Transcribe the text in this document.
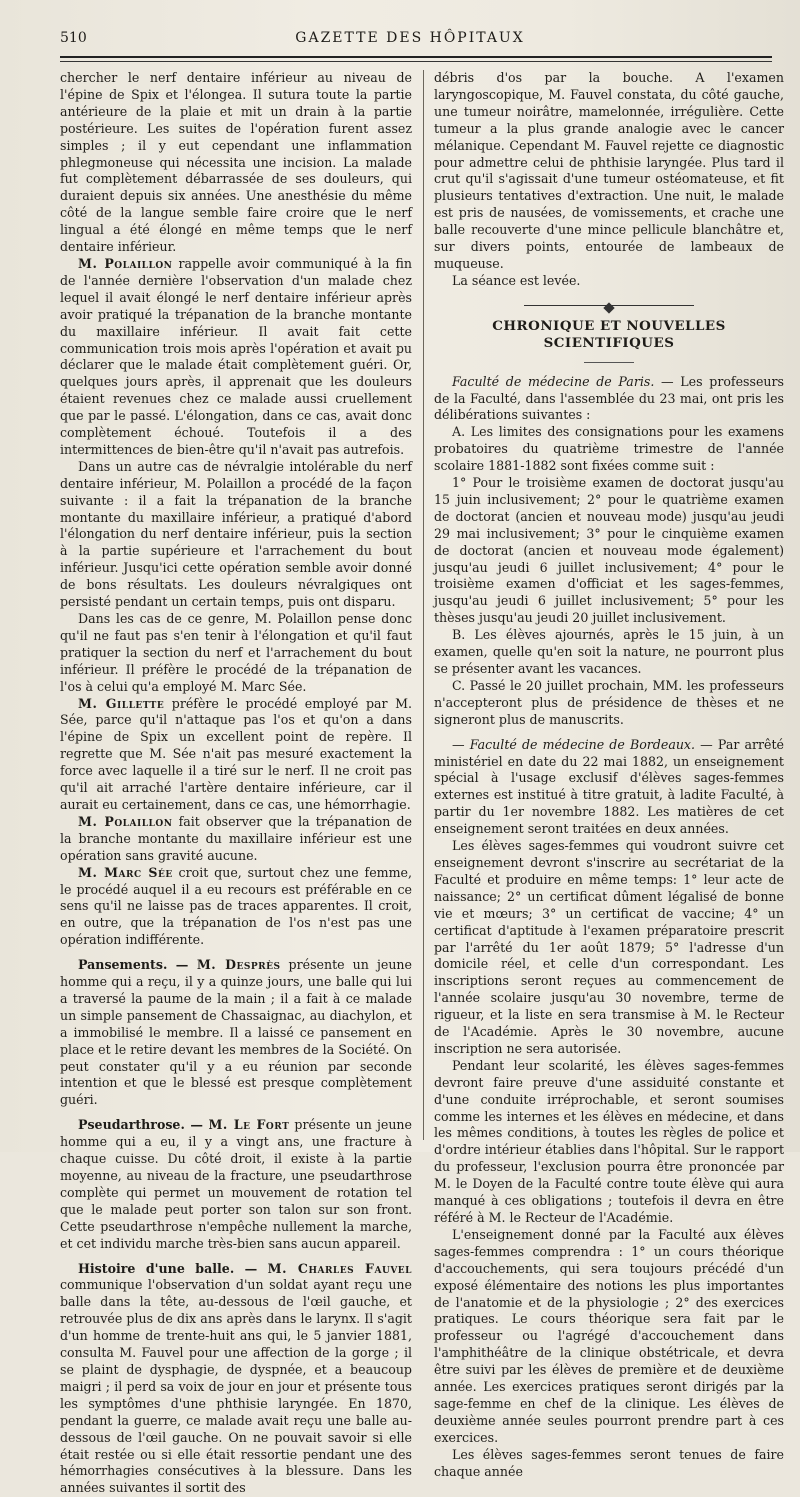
510	GAZETTE DES HÔPITAUX

chercher le nerf dentaire inférieur au niveau de l'épine de Spix et l'élongea. Il sutura toute la partie antérieure de la plaie et mit un drain à la partie postérieure. Les suites de l'opération furent assez simples ; il y eut cependant une inflammation phlegmoneuse qui nécessita une incision. La malade fut complètement débarrassée de ses douleurs, qui duraient depuis six années. Une anesthésie du même côté de la langue semble faire croire que le nerf lingual a été élongé en même temps que le nerf dentaire inférieur.

M. Polaillon rappelle avoir communiqué à la fin de l'année dernière l'observation d'un malade chez lequel il avait élongé le nerf dentaire inférieur après avoir pratiqué la trépanation de la branche montante du maxillaire inférieur. Il avait fait cette communication trois mois après l'opération et avait pu déclarer que le malade était complètement guéri. Or, quelques jours après, il apprenait que les douleurs étaient revenues chez ce malade aussi cruellement que par le passé. L'élongation, dans ce cas, avait donc complètement échoué. Toutefois il a des intermittences de bien-être qu'il n'avait pas autrefois.

Dans un autre cas de névralgie intolérable du nerf dentaire inférieur, M. Polaillon a procédé de la façon suivante : il a fait la trépanation de la branche montante du maxillaire inférieur, a pratiqué d'abord l'élongation du nerf dentaire inférieur, puis la section à la partie supérieure et l'arrachement du bout inférieur. Jusqu'ici cette opération semble avoir donné de bons résultats. Les douleurs névralgiques ont persisté pendant un certain temps, puis ont disparu.

Dans les cas de ce genre, M. Polaillon pense donc qu'il ne faut pas s'en tenir à l'élongation et qu'il faut pratiquer la section du nerf et l'arrachement du bout inférieur. Il préfère le procédé de la trépanation de l'os à celui qu'a employé M. Marc Sée.

M. Gillette préfère le procédé employé par M. Sée, parce qu'il n'attaque pas l'os et qu'on a dans l'épine de Spix un excellent point de repère. Il regrette que M. Sée n'ait pas mesuré exactement la force avec laquelle il a tiré sur le nerf. Il ne croit pas qu'il ait arraché l'artère dentaire inférieure, car il aurait eu certainement, dans ce cas, une hémorrhagie.

M. Polaillon fait observer que la trépanation de la branche montante du maxillaire inférieur est une opération sans gravité aucune.

M. Marc Sée croit que, surtout chez une femme, le procédé auquel il a eu recours est préférable en ce sens qu'il ne laisse pas de traces apparentes. Il croit, en outre, que la trépanation de l'os n'est pas une opération indifférente.

Pansements. — M. Desprès présente un jeune homme qui a reçu, il y a quinze jours, une balle qui lui a traversé la paume de la main ; il a fait à ce malade un simple pansement de Chassaignac, au diachylon, et a immobilisé le membre. Il a laissé ce pansement en place et le retire devant les membres de la Société. On peut constater qu'il y a eu réunion par seconde intention et que le blessé est presque complètement guéri.

Pseudarthrose. — M. Le Fort présente un jeune homme qui a eu, il y a vingt ans, une fracture à chaque cuisse. Du côté droit, il existe à la partie moyenne, au niveau de la fracture, une pseudarthrose complète qui permet un mouvement de rotation tel que le malade peut porter son talon sur son front. Cette pseudarthrose n'empêche nullement la marche, et cet individu marche très-bien sans aucun appareil.

Histoire d'une balle. — M. Charles Fauvel communique l'observation d'un soldat ayant reçu une balle dans la tête, au-dessous de l'œil gauche, et retrouvée plus de dix ans après dans le larynx. Il s'agit d'un homme de trente-huit ans qui, le 5 janvier 1881, consulta M. Fauvel pour une affection de la gorge ; il se plaint de dysphagie, de dyspnée, et a beaucoup maigri ; il perd sa voix de jour en jour et présente tous les symptômes d'une phthisie laryngée. En 1870, pendant la guerre, ce malade avait reçu une balle au-dessous de l'œil gauche. On ne pouvait savoir si elle était restée ou si elle était ressortie pendant une des hémorrhagies consécutives à la blessure. Dans les années suivantes il sortit des

débris d'os par la bouche. A l'examen laryngoscopique, M. Fauvel constata, du côté gauche, une tumeur noirâtre, mamelonnée, irrégulière. Cette tumeur a la plus grande analogie avec le cancer mélanique. Cependant M. Fauvel rejette ce diagnostic pour admettre celui de phthisie laryngée. Plus tard il crut qu'il s'agissait d'une tumeur ostéomateuse, et fit plusieurs tentatives d'extraction. Une nuit, le malade est pris de nausées, de vomissements, et crache une balle recouverte d'une mince pellicule blanchâtre et, sur divers points, entourée de lambeaux de muqueuse.

La séance est levée.

CHRONIQUE ET NOUVELLES SCIENTIFIQUES

Faculté de médecine de Paris. — Les professeurs de la Faculté, dans l'assemblée du 23 mai, ont pris les délibérations suivantes :

A. Les limites des consignations pour les examens probatoires du quatrième trimestre de l'année scolaire 1881-1882 sont fixées comme suit :

1° Pour le troisième examen de doctorat jusqu'au 15 juin inclusivement; 2° pour le quatrième examen de doctorat (ancien et nouveau mode) jusqu'au jeudi 29 mai inclusivement; 3° pour le cinquième examen de doctorat (ancien et nouveau mode également) jusqu'au jeudi 6 juillet inclusivement; 4° pour le troisième examen d'officiat et les sages-femmes, jusqu'au jeudi 6 juillet inclusivement; 5° pour les thèses jusqu'au jeudi 20 juillet inclusivement.

B. Les élèves ajournés, après le 15 juin, à un examen, quelle qu'en soit la nature, ne pourront plus se présenter avant les vacances.

C. Passé le 20 juillet prochain, MM. les professeurs n'accepteront plus de présidence de thèses et ne signeront plus de manuscrits.

— Faculté de médecine de Bordeaux. — Par arrêté ministériel en date du 22 mai 1882, un enseignement spécial à l'usage exclusif d'élèves sages-femmes externes est institué à titre gratuit, à ladite Faculté, à partir du 1er novembre 1882. Les matières de cet enseignement seront traitées en deux années.

Les élèves sages-femmes qui voudront suivre cet enseignement devront s'inscrire au secrétariat de la Faculté et produire en même temps: 1° leur acte de naissance; 2° un certificat dûment légalisé de bonne vie et mœurs; 3° un certificat de vaccine; 4° un certificat d'aptitude à l'examen préparatoire prescrit par l'arrêté du 1er août 1879; 5° l'adresse d'un domicile réel, et celle d'un correspondant. Les inscriptions seront reçues au commencement de l'année scolaire jusqu'au 30 novembre, terme de rigueur, et la liste en sera transmise à M. le Recteur de l'Académie. Après le 30 novembre, aucune inscription ne sera autorisée.

Pendant leur scolarité, les élèves sages-femmes devront faire preuve d'une assiduité constante et d'une conduite irréprochable, et seront soumises comme les internes et les élèves en médecine, et dans les mêmes conditions, à toutes les règles de police et d'ordre intérieur établies dans l'hôpital. Sur le rapport du professeur, l'exclusion pourra être prononcée par M. le Doyen de la Faculté contre toute élève qui aura manqué à ces obligations ; toutefois il devra en être référé à M. le Recteur de l'Académie.

L'enseignement donné par la Faculté aux élèves sages-femmes comprendra : 1° un cours théorique d'accouchements, qui sera toujours précédé d'un exposé élémentaire des notions les plus importantes de l'anatomie et de la physiologie ; 2° des exercices pratiques. Le cours théorique sera fait par le professeur ou l'agrégé d'accouchement dans l'amphithéâtre de la clinique obstétricale, et devra être suivi par les élèves de première et de deuxième année. Les exercices pratiques seront dirigés par la sage-femme en chef de la clinique. Les élèves de deuxième année seules pourront prendre part à ces exercices.

Les élèves sages-femmes seront tenues de faire chaque année
